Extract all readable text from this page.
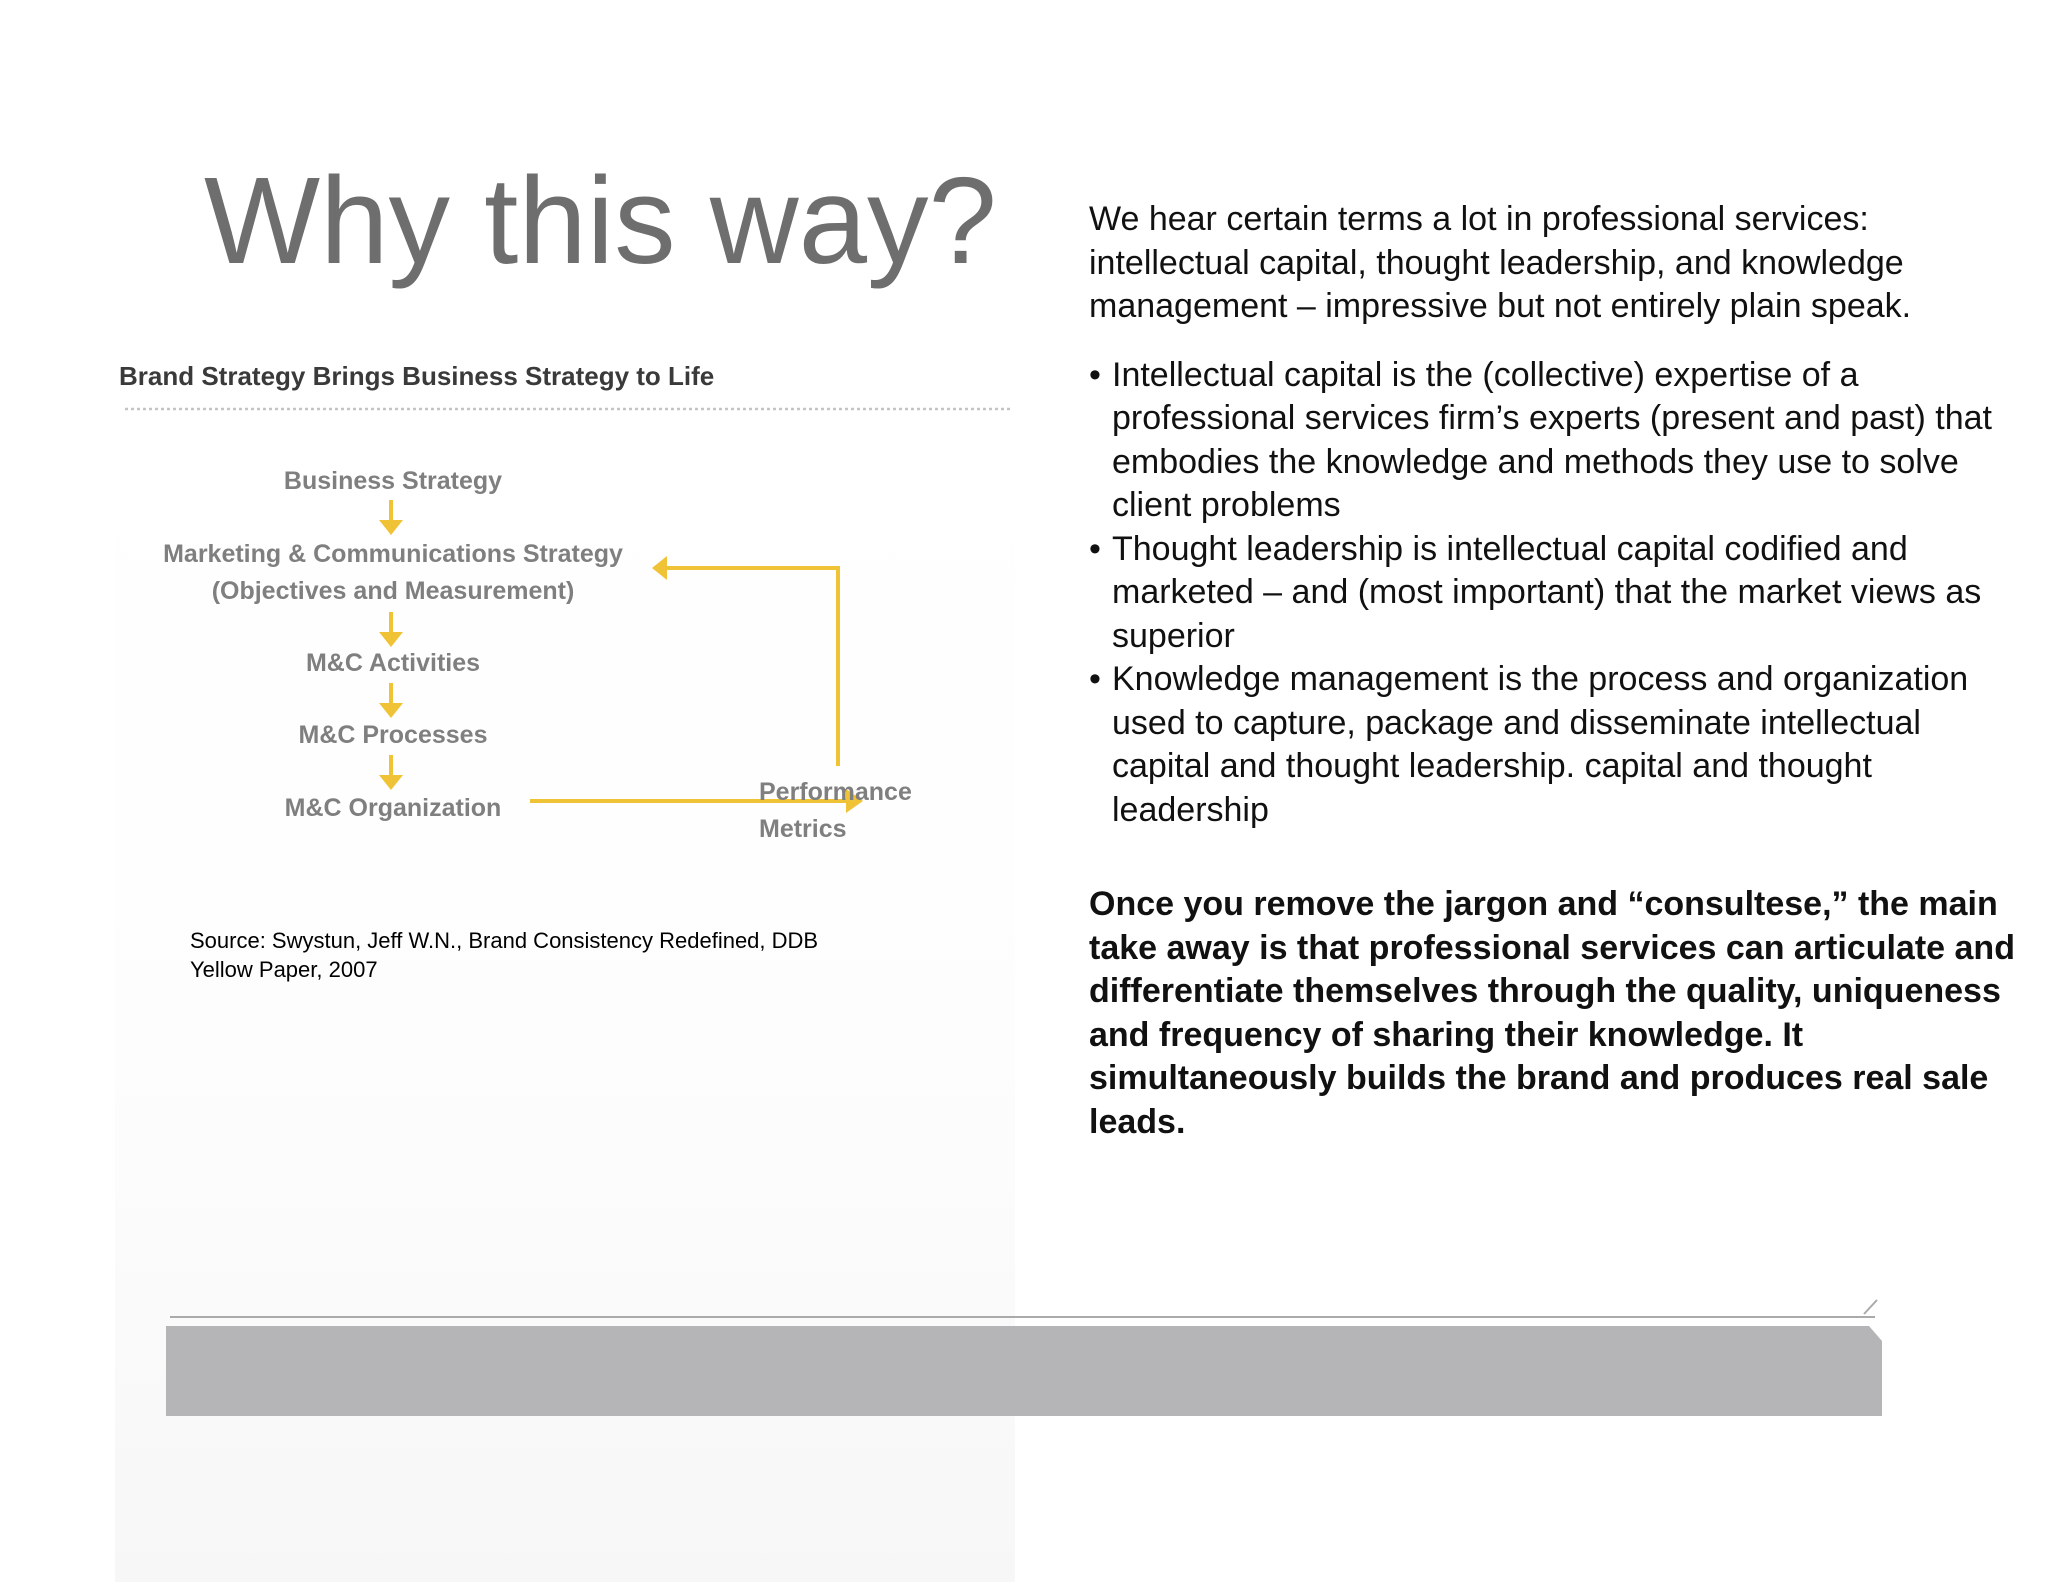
Why this way?
Brand Strategy Brings Business Strategy to Life
Business Strategy
Marketing & Communications Strategy
(Objectives and Measurement)
M&C Activities
M&C Processes
M&C Organization
Performance
Metrics
Source: Swystun, Jeff W.N., Brand Consistency Redefined, DDB
Yellow Paper, 2007

We hear certain terms a lot in professional services: intellectual capital, thought leadership, and knowledge management – impressive but not entirely plain speak.

• Intellectual capital is the (collective) expertise of a professional services firm’s experts (present and past) that embodies the knowledge and methods they use to solve client problems
• Thought leadership is intellectual capital codified and marketed – and (most important) that the market views as superior
• Knowledge management is the process and organization used to capture, package and disseminate intellectual capital and thought leadership. capital and thought leadership

Once you remove the jargon and “consultese,” the main take away is that professional services can articulate and differentiate themselves through the quality, uniqueness and frequency of sharing their knowledge. It simultaneously builds the brand and produces real sale leads.
